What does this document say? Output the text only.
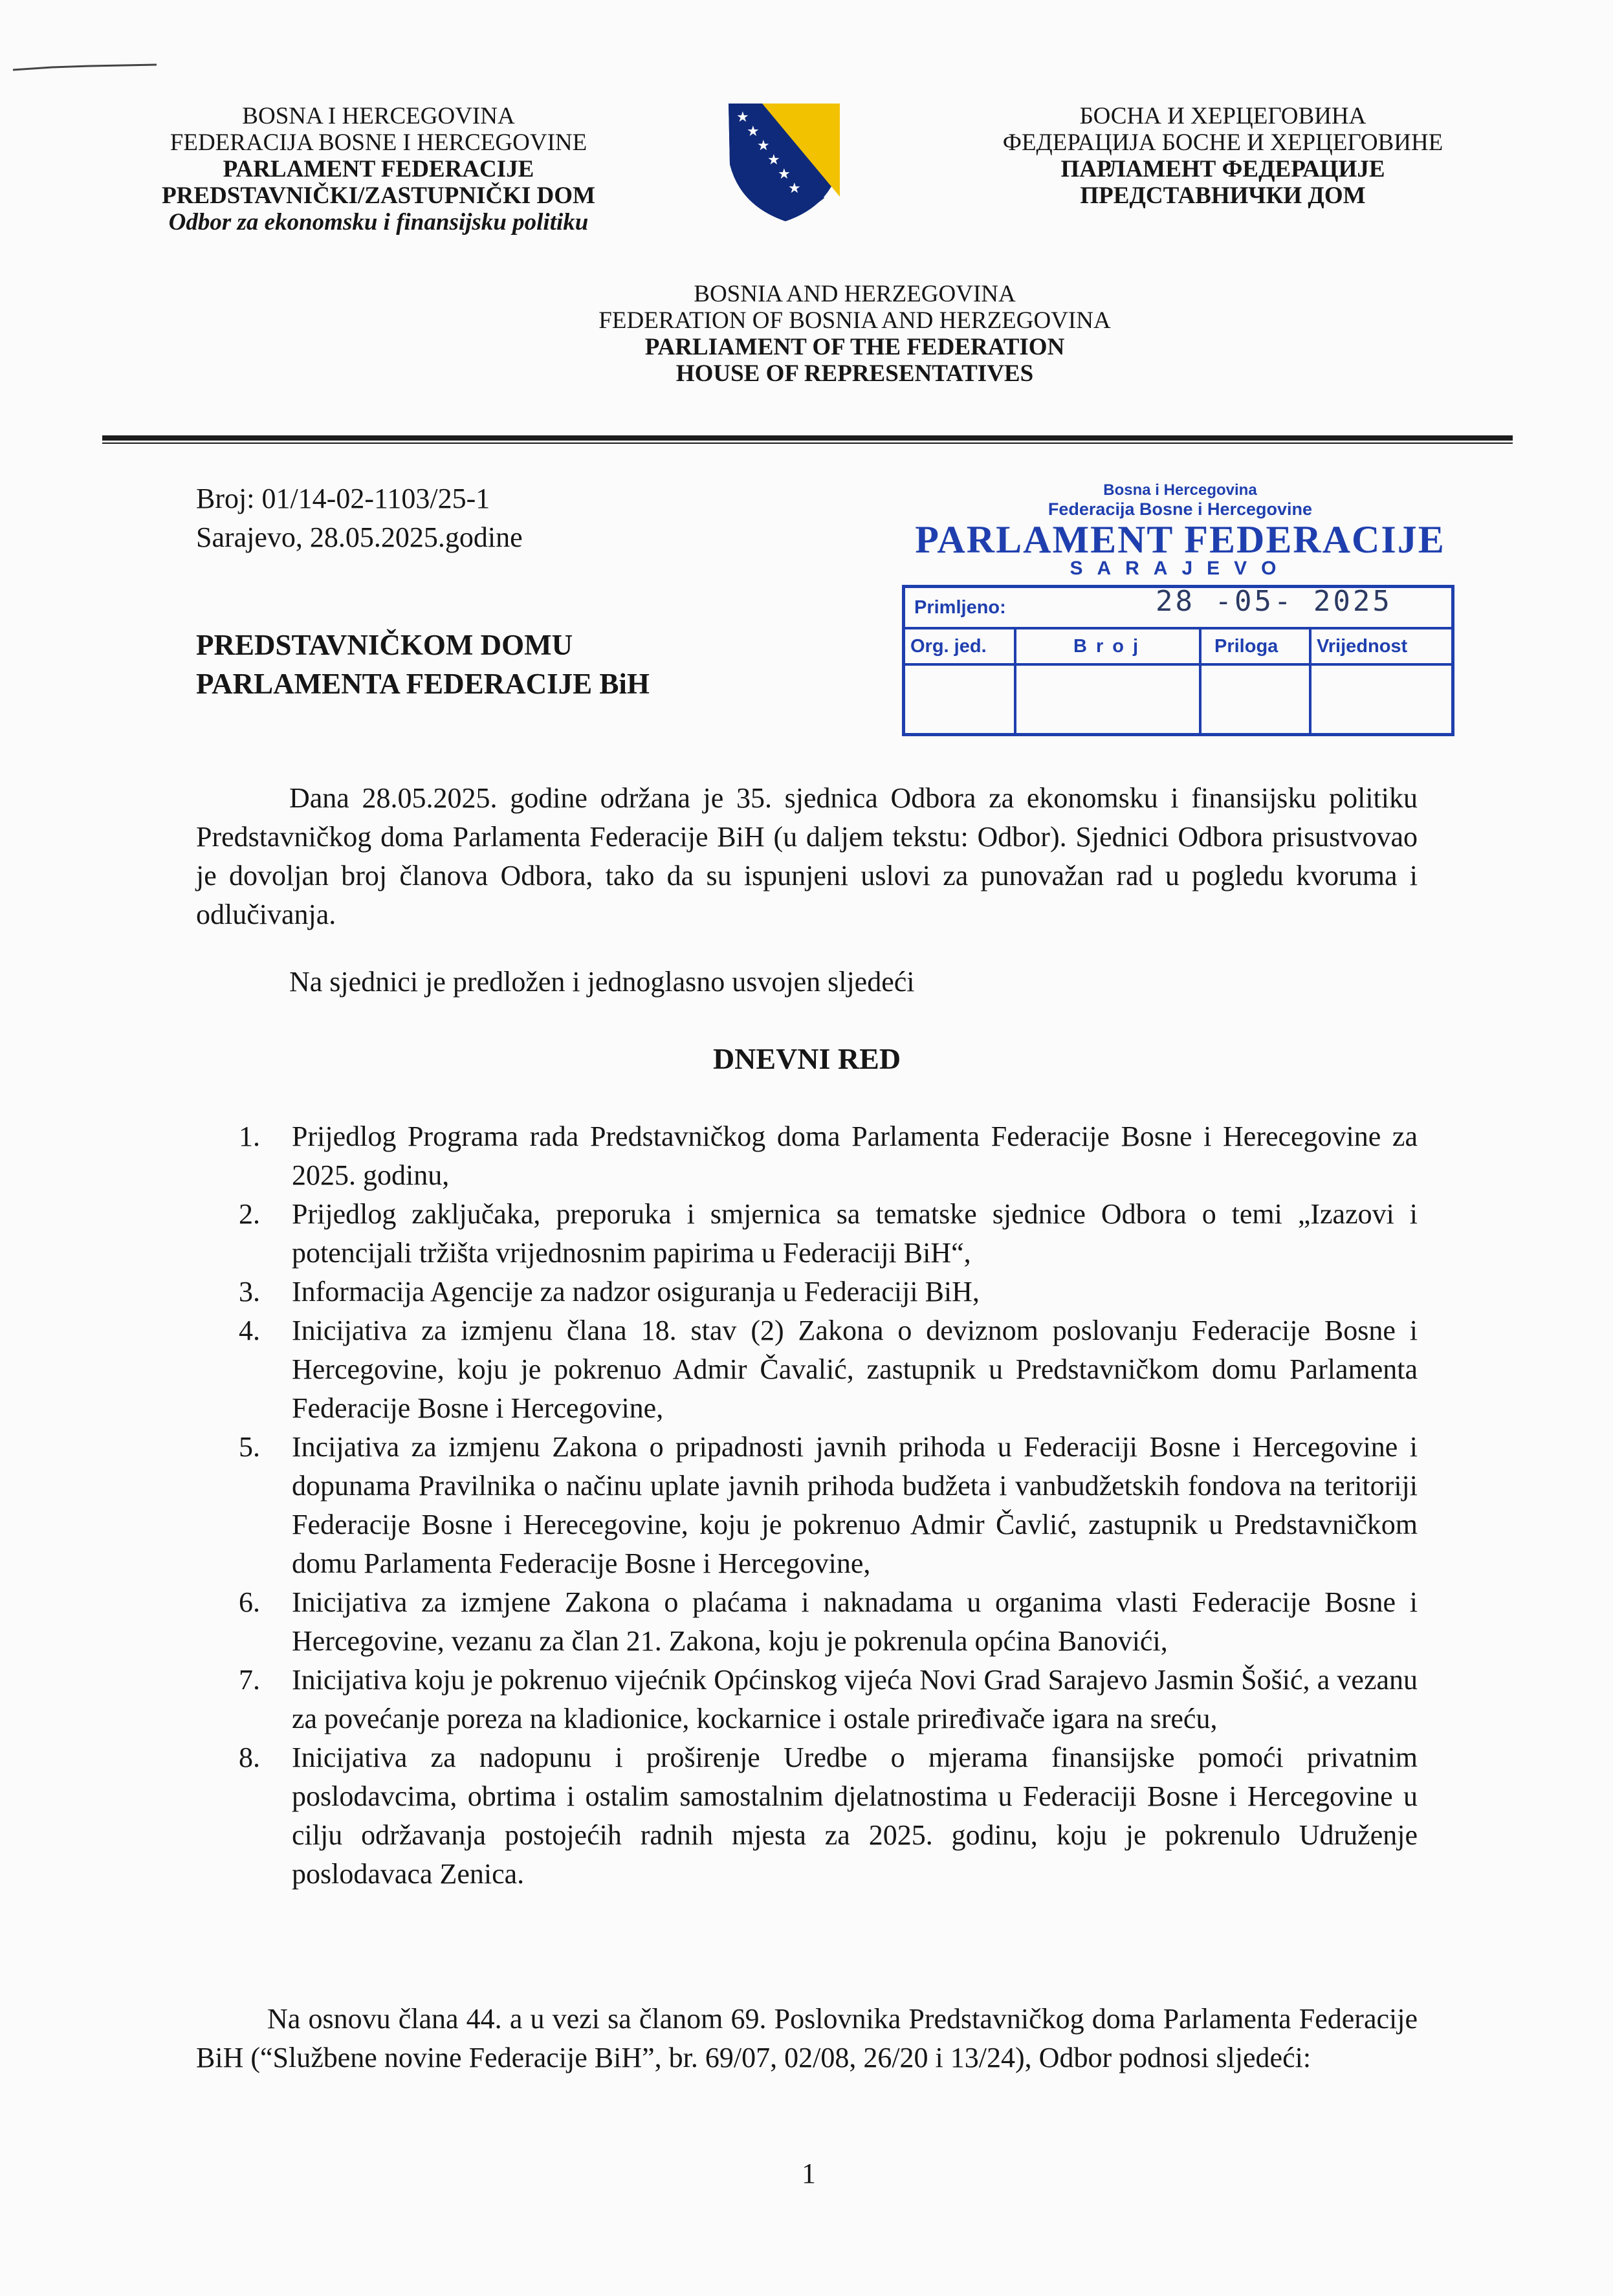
BOSNA I HERCEGOVINA
FEDERACIJA BOSNE I HERCEGOVINE
PARLAMENT FEDERACIJE
PREDSTAVNIČKI/ZASTUPNIČKI DOM
Odbor za ekonomsku i finansijsku politiku
★
★
★
★
★
★
БОСНА И ХЕРЦЕГОВИНА
ФЕДЕРАЦИЈА БОСНЕ И ХЕРЦЕГОВИНЕ
ПАРЛАМЕНТ ФЕДЕРАЦИЈЕ
ПРЕДСТАВНИЧКИ ДОМ
BOSNIA AND HERZEGOVINA
FEDERATION OF BOSNIA AND HERZEGOVINA
PARLIAMENT OF THE FEDERATION
HOUSE OF REPRESENTATIVES
Broj: 01/14-02-1103/25-1
Sarajevo, 28.05.2025.godine
PREDSTAVNIČKOM DOMU
PARLAMENTA FEDERACIJE BiH
Bosna i Hercegovina
Federacija Bosne i Hercegovine
PARLAMENT FEDERACIJE
SARAJEVO
Primljeno:
Org. jed.	Broj	Priloga Vrijednost
28 -05- 2025
Dana 28.05.2025. godine održana je 35. sjednica Odbora za ekonomsku i finansijsku politiku Predstavničkog doma Parlamenta Federacije BiH (u daljem tekstu: Odbor). Sjednici Odbora prisustvovao je dovoljan broj članova Odbora, tako da su ispunjeni uslovi za punovažan rad u pogledu kvoruma i odlučivanja.
Na sjednici je predložen i jednoglasno usvojen sljedeći
DNEVNI RED
1. Prijedlog Programa rada Predstavničkog doma Parlamenta Federacije Bosne i Herecegovine za 2025. godinu,
2. Prijedlog zaključaka, preporuka i smjernica sa tematske sjednice Odbora o temi „Izazovi i potencijali tržišta vrijednosnim papirima u Federaciji BiH“,
3. Informacija Agencije za nadzor osiguranja u Federaciji BiH,
4. Inicijativa za izmjenu člana 18. stav (2) Zakona o deviznom poslovanju Federacije Bosne i Hercegovine, koju je pokrenuo Admir Čavalić, zastupnik u Predstavničkom domu Parlamenta Federacije Bosne i Hercegovine,
5. Incijativa za izmjenu Zakona o pripadnosti javnih prihoda u Federaciji Bosne i Hercegovine i dopunama Pravilnika o načinu uplate javnih prihoda budžeta i vanbudžetskih fondova na teritoriji Federacije Bosne i Herecegovine, koju je pokrenuo Admir Čavlić, zastupnik u Predstavničkom domu Parlamenta Federacije Bosne i Hercegovine,
6. Inicijativa za izmjene Zakona o plaćama i naknadama u organima vlasti Federacije Bosne i Hercegovine, vezanu za član 21. Zakona, koju je pokrenula općina Banovići,
7. Inicijativa koju je pokrenuo vijećnik Općinskog vijeća Novi Grad Sarajevo Jasmin Šošić, a vezanu za povećanje poreza na kladionice, kockarnice i ostale priređivače igara na sreću,
8. Inicijativa za nadopunu i proširenje Uredbe o mjerama finansijske pomoći privatnim poslodavcima, obrtima i ostalim samostalnim djelatnostima u Federaciji Bosne i Hercegovine u cilju održavanja postojećih radnih mjesta za 2025. godinu, koju je pokrenulo Udruženje poslodavaca Zenica.
Na osnovu člana 44. a u vezi sa članom 69. Poslovnika Predstavničkog doma Parlamenta Federacije BiH (“Službene novine Federacije BiH”, br. 69/07, 02/08, 26/20 i 13/24), Odbor podnosi sljedeći:
1
